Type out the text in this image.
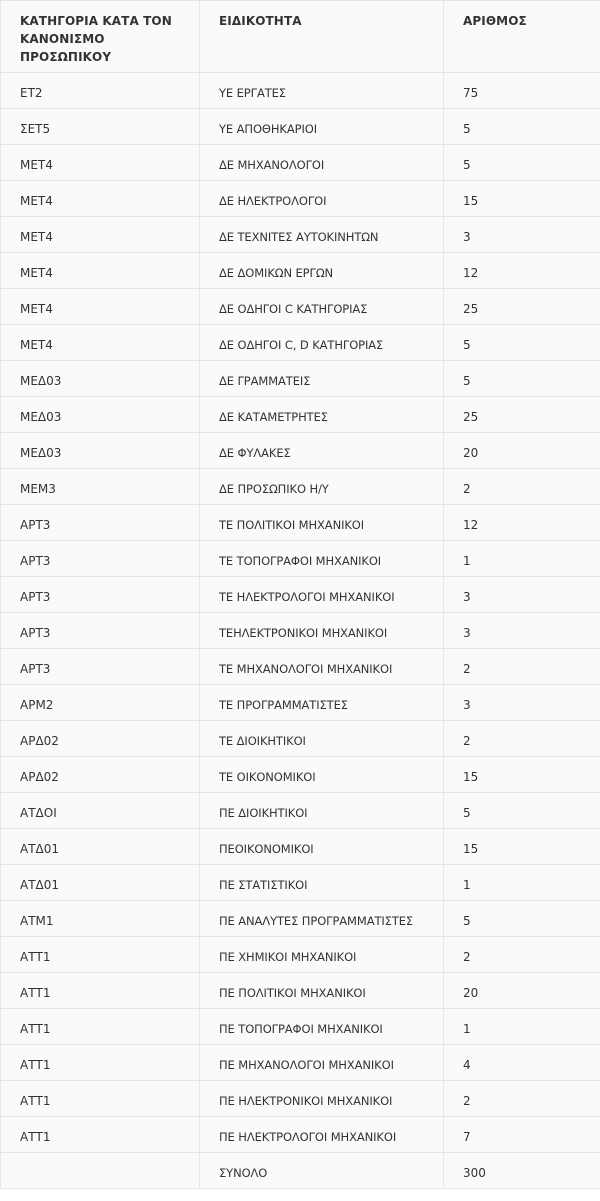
ΚΑΤΗΓΟΡΙΑ ΚΑΤΑ ΤΟΝ ΚΑΝΟΝΙΣΜΟ ΠΡΟΣΩΠΙΚΟΥ	ΕΙΔΙΚΟΤΗΤΑ	ΑΡΙΘΜΟΣ
ΕΤ2	ΥΕ ΕΡΓΑΤΕΣ	75
ΣΕΤ5	ΥΕ ΑΠΟΘΗΚΑΡΙΟΙ	5
ΜΕΤ4	ΔΕ ΜΗΧΑΝΟΛΟΓΟΙ	5
ΜΕΤ4	ΔΕ ΗΛΕΚΤΡΟΛΟΓΟΙ	15
ΜΕΤ4	ΔΕ ΤΕΧΝΙΤΕΣ ΑΥΤΟΚΙΝΗΤΩΝ	3
ΜΕΤ4	ΔΕ ΔΟΜΙΚΩΝ ΕΡΓΩΝ	12
ΜΕΤ4	ΔΕ ΟΔΗΓΟΙ C ΚΑΤΗΓΟΡΙΑΣ	25
ΜΕΤ4	ΔΕ ΟΔΗΓΟΙ C, D ΚΑΤΗΓΟΡΙΑΣ	5
ΜΕΔ03	ΔΕ ΓΡΑΜΜΑΤΕΙΣ	5
ΜΕΔ03	ΔΕ ΚΑΤΑΜΕΤΡΗΤΕΣ	25
ΜΕΔ03	ΔΕ ΦΥΛΑΚΕΣ	20
ΜΕΜ3	ΔΕ ΠΡΟΣΩΠΙΚΟ Η/Υ	2
ΑΡΤ3	ΤΕ ΠΟΛΙΤΙΚΟΙ ΜΗΧΑΝΙΚΟΙ	12
ΑΡΤ3	ΤΕ ΤΟΠΟΓΡΑΦΟΙ ΜΗΧΑΝΙΚΟΙ	1
ΑΡΤ3	ΤΕ ΗΛΕΚΤΡΟΛΟΓΟΙ ΜΗΧΑΝΙΚΟΙ	3
ΑΡΤ3	ΤΕΗΛΕΚΤΡΟΝΙΚΟΙ ΜΗΧΑΝΙΚΟΙ	3
ΑΡΤ3	ΤΕ ΜΗΧΑΝΟΛΟΓΟΙ ΜΗΧΑΝΙΚΟΙ	2
ΑΡΜ2	ΤΕ ΠΡΟΓΡΑΜΜΑΤΙΣΤΕΣ	3
ΑΡΔ02	ΤΕ ΔΙΟΙΚΗΤΙΚΟΙ	2
ΑΡΔ02	ΤΕ ΟΙΚΟΝΟΜΙΚΟΙ	15
ΑΤΔΟΙ	ΠΕ ΔΙΟΙΚΗΤΙΚΟΙ	5
ΑΤΔ01	ΠΕΟΙΚΟΝΟΜΙΚΟΙ	15
ΑΤΔ01	ΠΕ ΣΤΑΤΙΣΤΙΚΟΙ	1
ΑΤΜ1	ΠΕ ΑΝΑΛΥΤΕΣ ΠΡΟΓΡΑΜΜΑΤΙΣΤΕΣ	5
ΑΤΤ1	ΠΕ ΧΗΜΙΚΟΙ ΜΗΧΑΝΙΚΟΙ	2
ΑΤΤ1	ΠΕ ΠΟΛΙΤΙΚΟΙ ΜΗΧΑΝΙΚΟΙ	20
ΑΤΤ1	ΠΕ ΤΟΠΟΓΡΑΦΟΙ ΜΗΧΑΝΙΚΟΙ	1
ΑΤΤ1	ΠΕ ΜΗΧΑΝΟΛΟΓΟΙ ΜΗΧΑΝΙΚΟΙ	4
ΑΤΤ1	ΠΕ ΗΛΕΚΤΡΟΝΙΚΟΙ ΜΗΧΑΝΙΚΟΙ	2
ΑΤΤ1	ΠΕ ΗΛΕΚΤΡΟΛΟΓΟΙ ΜΗΧΑΝΙΚΟΙ	7
	ΣΥΝΟΛΟ	300
